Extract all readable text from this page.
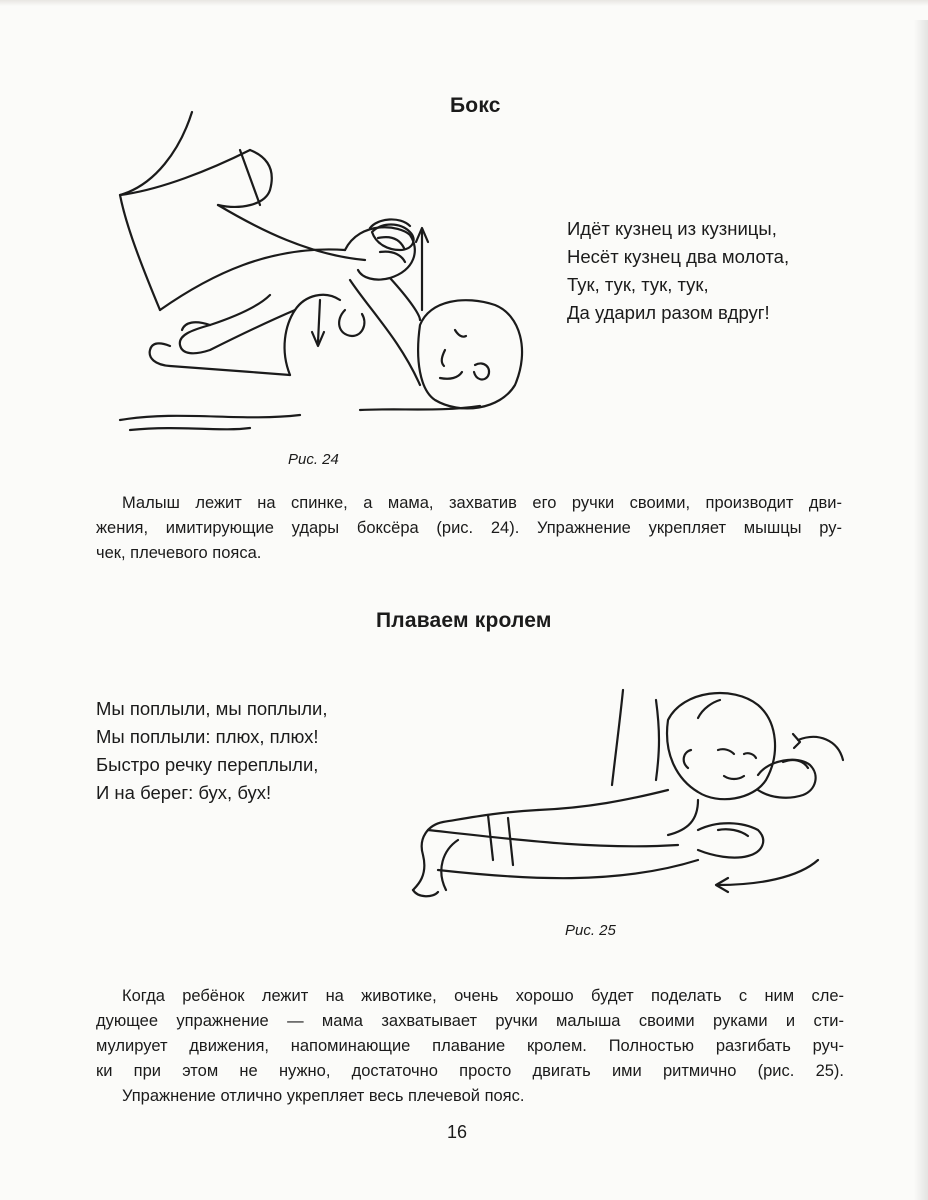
Бокс
Идёт кузнец из кузницы,
Несёт кузнец два молота,
Тук, тук, тук, тук,
Да ударил разом вдруг!
Рис. 24
Малыш лежит на спинке, а мама, захватив его ручки своими, производит дви-
жения, имитирующие удары боксёра (рис. 24). Упражнение укрепляет мышцы ру-
чек, плечевого пояса.
Плаваем кролем
Мы поплыли, мы поплыли,
Мы поплыли: плюх, плюх!
Быстро речку переплыли,
И на берег: бух, бух!
Рис. 25
Когда ребёнок лежит на животике, очень хорошо будет поделать с ним сле-
дующее упражнение — мама захватывает ручки малыша своими руками и сти-
мулирует движения, напоминающие плавание кролем. Полностью разгибать руч-
ки при этом не нужно, достаточно просто двигать ими ритмично (рис. 25).
Упражнение отлично укрепляет весь плечевой пояс.
16
